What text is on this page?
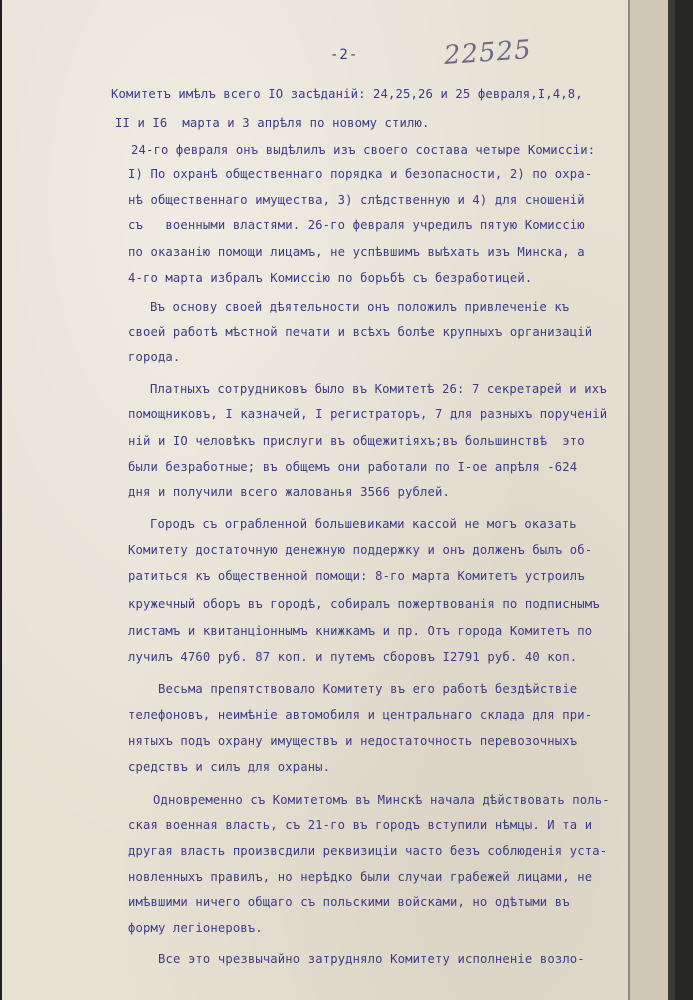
-2-	22525

Комитетъ имѣлъ всего IO засѣданій: 24,25,26 и 25 февраля,I,4,8,

II и I6  марта и 3 апрѣля по новому стилю.

24-го февраля онъ выдѣлилъ изъ своего состава четыре Комиссіи:

I) По охранѣ общественнаго порядка и безопасности, 2) по охра-

нѣ общественнаго имущества, 3) слѣдственную и 4) для сношеній

съ   военными властями. 26-го февраля учредилъ пятую Комиссію

по оказанію помощи лицамъ, не успѣвшимъ выѣхать изъ Минска, а

4-го марта избралъ Комиссію по борьбѣ съ безработицей.

Въ основу своей дѣятельности онъ положилъ привлеченіе къ

своей работѣ мѣстной печати и всѣхъ болѣе крупныхъ организацій

города.

Платныхъ сотрудниковъ было въ Комитетѣ 26: 7 секретарей и ихъ

помощниковъ, I казначей, I регистраторъ, 7 для разныхъ порученій

ній и IO человѣкъ прислуги въ общежитіяхъ;въ большинствѣ  это

были безработные; въ общемъ они работали по I-ое апрѣля -624

дня и получили всего жалованья 3566 рублей.

Городъ съ ограбленной большевиками кассой не могъ оказать

Комитету достаточную денежную поддержку и онъ долженъ былъ об-

ратиться къ общественной помощи: 8-го марта Комитетъ устроилъ

кружечный оборъ въ городѣ, собиралъ пожертвованія по подписнымъ

листамъ и квитанціоннымъ книжкамъ и пр. Отъ города Комитетъ по

лучилъ 4760 руб. 87 коп. и путемъ сборовъ I2791 руб. 40 коп.

Весьма препятствовало Комитету въ его работѣ бездѣйствіе

телефоновъ, неимѣніе автомобиля и центральнаго склада для при-

нятыхъ подъ охрану имуществъ и недостаточность перевозочныхъ

средствъ и силъ для охраны.

Одновременно съ Комитетомъ въ Минскѣ начала дѣйствовать поль-

ская военная власть, съ 21-го въ городъ вступили нѣмцы. И та и

другая власть произвсдили реквизиціи часто безъ соблюденія уста-

новленныхъ правилъ, но нерѣдко были случаи грабежей лицами, не

имѣвшими ничего общаго съ польскими войсками, но одѣтыми въ

форму легіонеровъ.

Все это чрезвычайно затрудняло Комитету исполненіе возло-
